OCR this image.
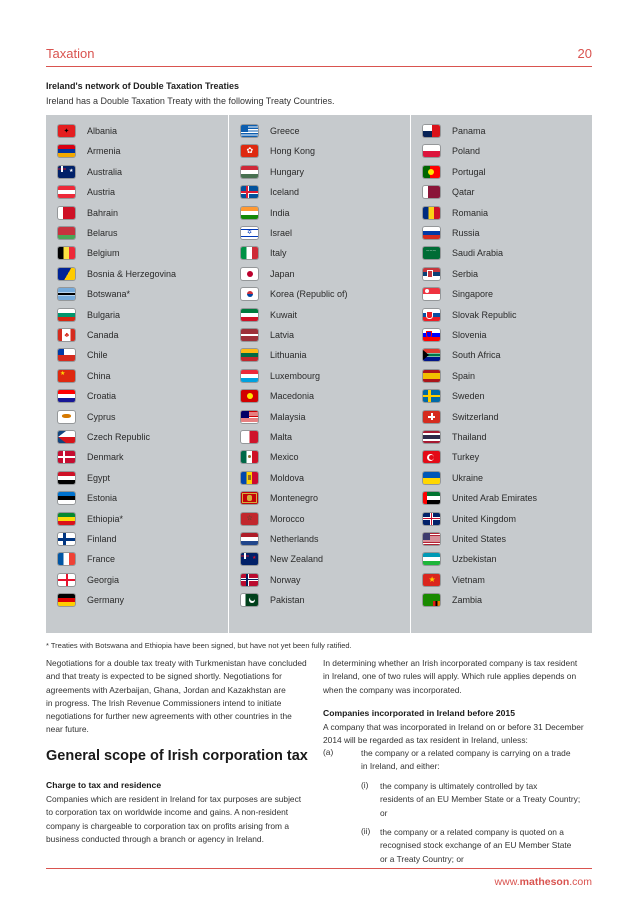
Taxation	20
Ireland's network of Double Taxation Treaties
Ireland has a Double Taxation Treaty with the following Treaty Countries.
✦ Albania
Armenia
★ Australia
Austria
Bahrain
Belarus
Belgium
Bosnia & Herzegovina
Botswana*
Bulgaria
♣ Canada
Chile
★ China
Croatia
Cyprus
Czech Republic
Denmark
Egypt
Estonia
Ethiopia*
Finland
France
Georgia
Germany
Greece
✿ Hong Kong
Hungary
Iceland
India
✡ Israel
Italy
Japan
Korea (Republic of)
Kuwait
Latvia
Lithuania
Luxembourg
Macedonia
Malaysia
Malta
Mexico
Moldova
Montenegro
☆ Morocco
Netherlands
★ New Zealand
Norway
Pakistan
Panama
Poland
Portugal
Qatar
Romania
Russia
∽∽∽ Saudi Arabia
Serbia
Singapore
Slovak Republic
Slovenia
South Africa
Spain
Sweden
Switzerland
Thailand
Turkey
Ukraine
United Arab Emirates
United Kingdom
United States
Uzbekistan
★ Vietnam
Zambia
* Treaties with Botswana and Ethiopia have been signed, but have not yet been fully ratified.
Negotiations for a double tax treaty with Turkmenistan have concluded
and that treaty is expected to be signed shortly. Negotiations for
agreements with Azerbaijan, Ghana, Jordan and Kazakhstan are
in progress. The Irish Revenue Commissioners intend to initiate
negotiations for further new agreements with other countries in the
near future.
General scope of Irish corporation tax
Charge to tax and residence
Companies which are resident in Ireland for tax purposes are subject
to corporation tax on worldwide income and gains. A non-resident
company is chargeable to corporation tax on profits arising from a
business conducted through a branch or agency in Ireland.
In determining whether an Irish incorporated company is tax resident
in Ireland, one of two rules will apply. Which rule applies depends on
when the company was incorporated.
Companies incorporated in Ireland before 2015
A company that was incorporated in Ireland on or before 31 December
2014 will be regarded as tax resident in Ireland, unless:
(a)	the company or a related company is carrying on a trade
in Ireland, and either:
(i) the company is ultimately controlled by tax
residents of an EU Member State or a Treaty Country;
or
(ii) the company or a related company is quoted on a
recognised stock exchange of an EU Member State
or a Treaty Country; or
www.matheson.com
